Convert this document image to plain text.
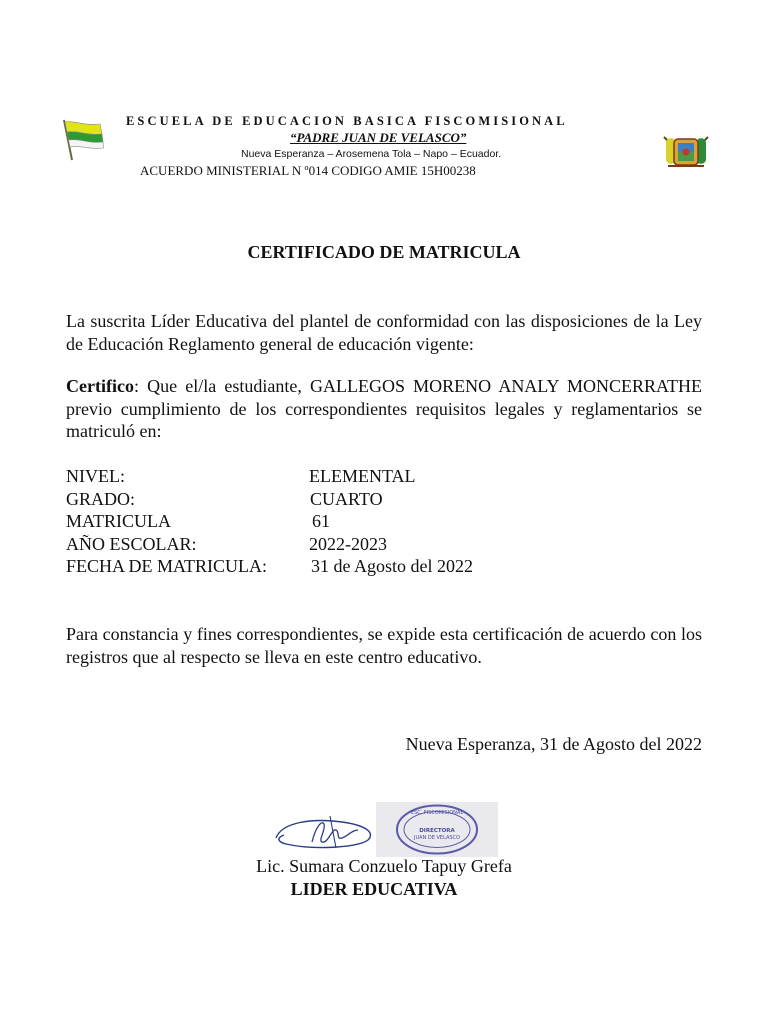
ESCUELA DE EDUCACION BASICA FISCOMISIONAL
“PADRE JUAN DE VELASCO”
Nueva Esperanza – Arosemena Tola – Napo – Ecuador.
ACUERDO MINISTERIAL N º014 CODIGO AMIE 15H00238
CERTIFICADO DE MATRICULA
La suscrita Líder Educativa del plantel de conformidad con las disposiciones de la Ley de Educación Reglamento general de educación vigente:
Certifico: Que el/la estudiante, GALLEGOS MORENO ANALY MONCERRATHE previo cumplimiento de los correspondientes requisitos legales y reglamentarios se matriculó en:
NIVEL:	ELEMENTAL
GRADO:	CUARTO
MATRICULA	61
AÑO ESCOLAR:	2022-2023
FECHA DE MATRICULA: 31 de Agosto del 2022
Para constancia y fines correspondientes, se expide esta certificación de acuerdo con los registros que al respecto se lleva en este centro educativo.
Nueva Esperanza, 31 de Agosto del 2022
ESC. FISCOMISIONAL
DIRECTORA
JUAN DE VELASCO
Lic. Sumara Conzuelo Tapuy Grefa
LIDER EDUCATIVA
